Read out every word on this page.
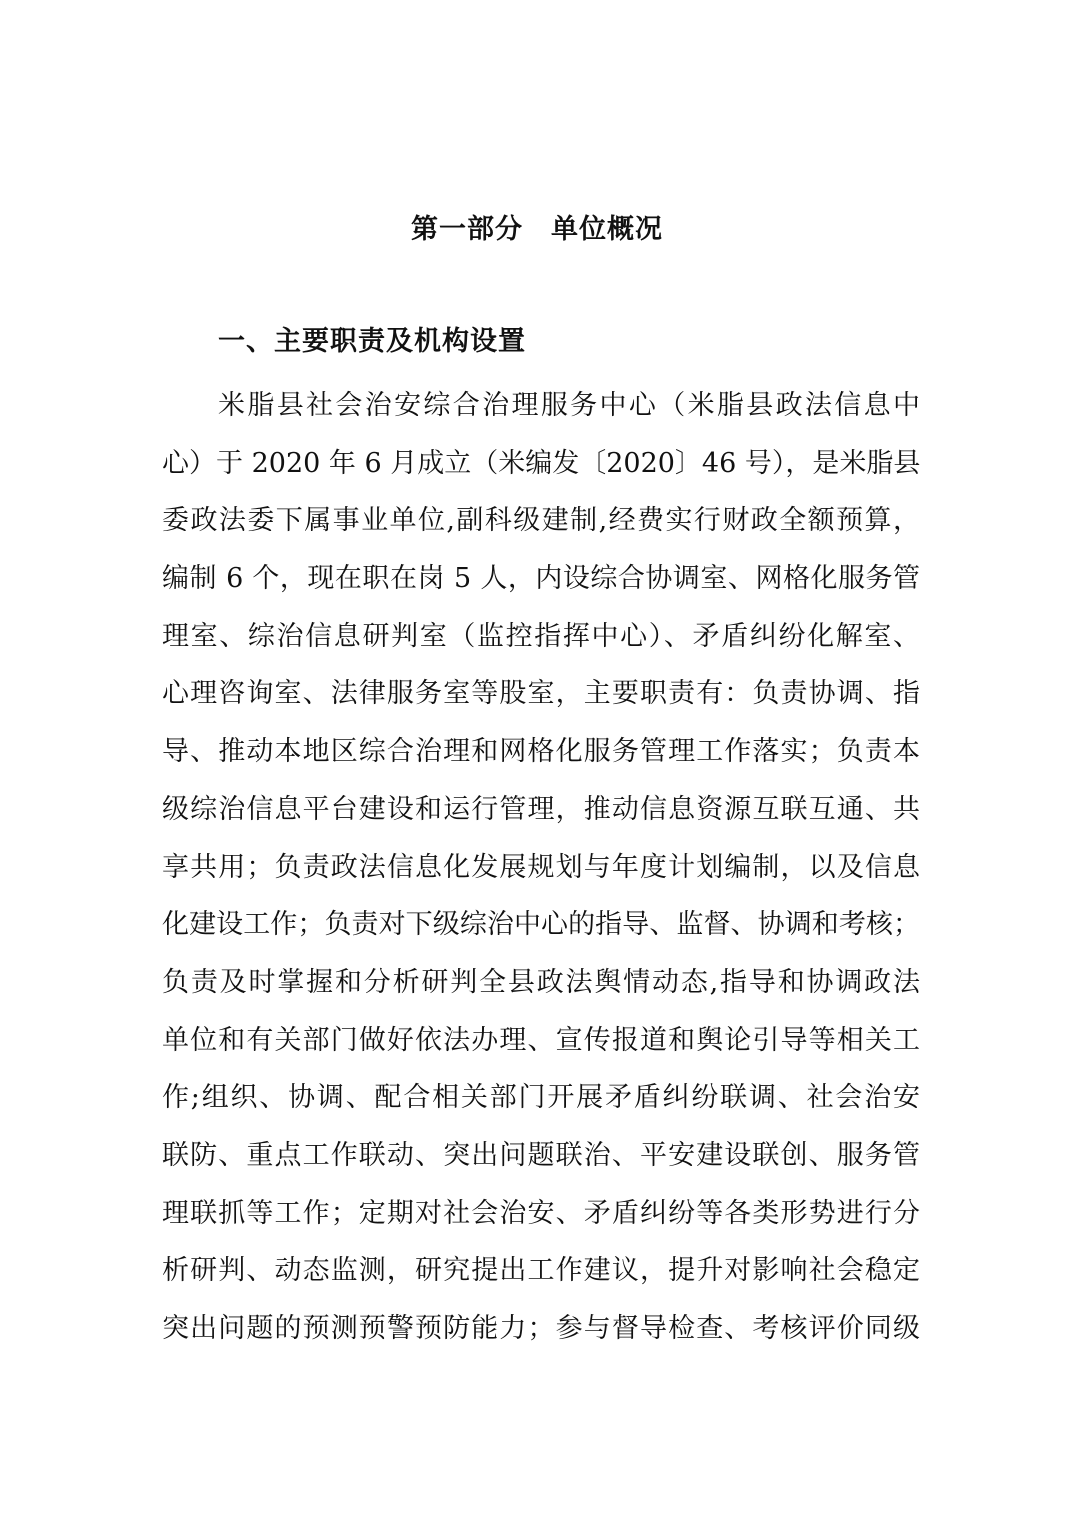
第一部分　单位概况
一、主要职责及机构设置
米脂县社会治安综合治理服务中心（米脂县政法信息中
心）于 2020 年 6 月成立（米编发〔2020〕46 号），是米脂县
委政法委下属事业单位,副科级建制,经费实行财政全额预算，
编制 6 个，现在职在岗 5 人，内设综合协调室、网格化服务管
理室、综治信息研判室（监控指挥中心）、矛盾纠纷化解室、
心理咨询室、法律服务室等股室，主要职责有：负责协调、指
导、推动本地区综合治理和网格化服务管理工作落实；负责本
级综治信息平台建设和运行管理，推动信息资源互联互通、共
享共用；负责政法信息化发展规划与年度计划编制，以及信息
化建设工作；负责对下级综治中心的指导、监督、协调和考核；
负责及时掌握和分析研判全县政法舆情动态,指导和协调政法
单位和有关部门做好依法办理、宣传报道和舆论引导等相关工
作;组织、协调、配合相关部门开展矛盾纠纷联调、社会治安
联防、重点工作联动、突出问题联治、平安建设联创、服务管
理联抓等工作；定期对社会治安、矛盾纠纷等各类形势进行分
析研判、动态监测，研究提出工作建议，提升对影响社会稳定
突出问题的预测预警预防能力；参与督导检查、考核评价同级
